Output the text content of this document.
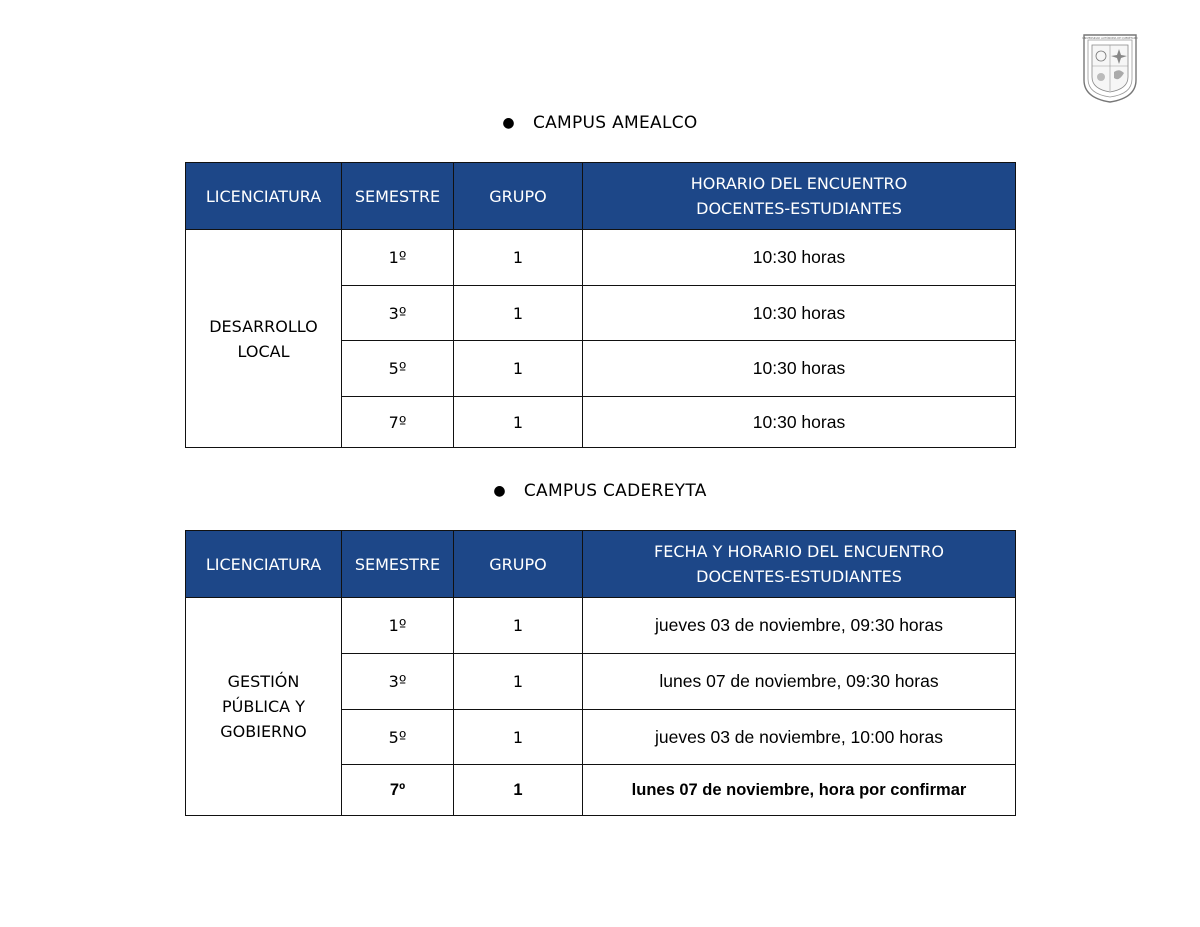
UNIVERSIDAD AUTÓNOMA DE QUERÉTARO
● CAMPUS AMEALCO
LICENCIATURA	SEMESTRE	GRUPO	HORARIO DEL ENCUENTRO
DOCENTES-ESTUDIANTES

DESARROLLO
LOCAL	1º	1	10:30 horas
	3º	1	10:30 horas
	5º	1	10:30 horas
	7º	1	10:30 horas
● CAMPUS CADEREYTA
LICENCIATURA	SEMESTRE	GRUPO	FECHA Y HORARIO DEL ENCUENTRO
DOCENTES-ESTUDIANTES

GESTIÓN
PÚBLICA Y
GOBIERNO	1º	1	jueves 03 de noviembre, 09:30 horas
	3º	1	lunes 07 de noviembre, 09:30 horas
	5º	1	jueves 03 de noviembre, 10:00 horas
	7º	1	lunes 07 de noviembre, hora por confirmar
